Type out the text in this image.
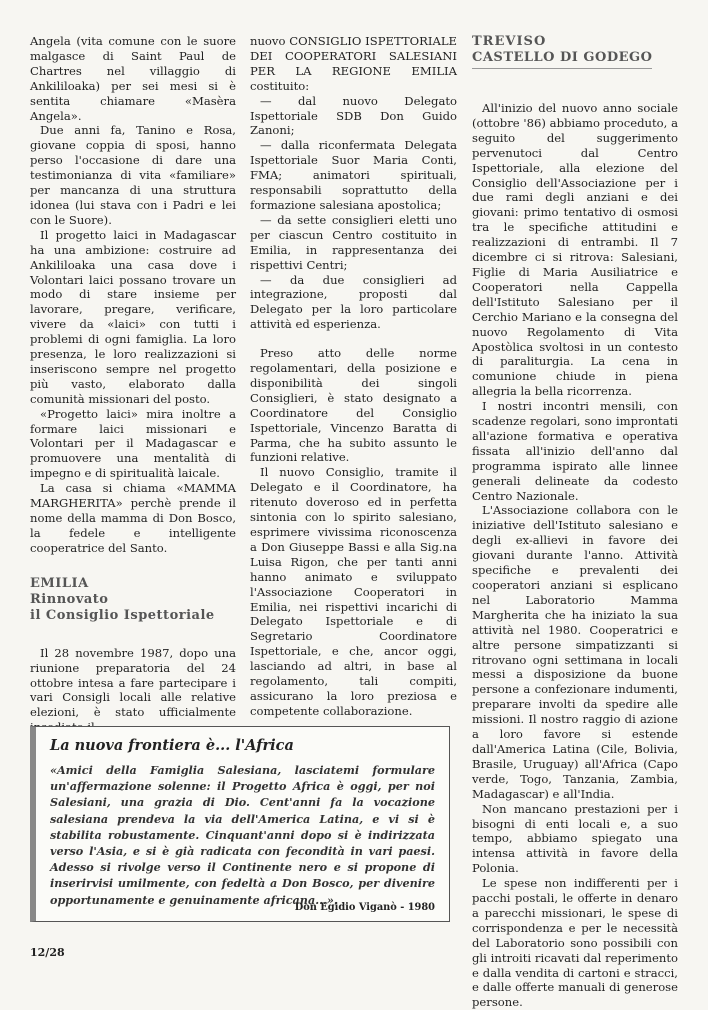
Angela (vita comune con le suore malgasce di Saint Paul de Chartres nel villaggio di Ankililoaka) per sei mesi si è sentita chiamare «Masèra Angela».

Due anni fa, Tanino e Rosa, giovane coppia di sposi, hanno perso l'occasione di dare una testimonianza di vita «familiare» per mancanza di una struttura idonea (lui stava con i Padri e lei con le Suore).

Il progetto laici in Madagascar ha una ambizione: costruire ad Ankililoaka una casa dove i Volontari laici possano trovare un modo di stare insieme per lavorare, pregare, verificare, vivere da «laici» con tutti i problemi di ogni famiglia. La loro presenza, le loro realizzazioni si inseriscono sempre nel progetto più vasto, elaborato dalla comunità missionari del posto.

«Progetto laici» mira inoltre a formare laici missionari e Volontari per il Madagascar e promuovere una mentalità di impegno e di spiritualità laicale.

La casa si chiama «MAMMA MARGHERITA» perchè prende il nome della mamma di Don Bosco, la fedele e intelligente cooperatrice del Santo.

EMILIA
Rinnovato
il Consiglio Ispettoriale

Il 28 novembre 1987, dopo una riunione preparatoria del 24 ottobre intesa a fare partecipare i vari Consigli locali alle relative elezioni, è stato ufficialmente

nuovo CONSIGLIO ISPETTORIALE DEI COOPERATORI SALESIANI PER LA REGIONE EMILIA costituito:

— dal nuovo Delegato Ispettoriale SDB Don Guido Zanoni;

— dalla riconfermata Delegata Ispettoriale Suor Maria Conti, FMA; animatori spirituali, responsabili soprattutto della formazione salesiana apostolica;

— da sette consiglieri eletti uno per ciascun Centro costituito in Emilia, in rappresentanza dei rispettivi Centri;

— da due consiglieri ad integrazione, proposti dal Delegato per la loro particolare attività ed esperienza.

Preso atto delle norme regolamentari, della posizione e disponibilità dei singoli Consiglieri, è stato designato a Coordinatore del Consiglio Ispettoriale, Vincenzo Baratta di Parma, che ha subito assunto le funzioni relative.

Il nuovo Consiglio, tramite il Delegato e il Coordinatore, ha ritenuto doveroso ed in perfetta sintonia con lo spirito salesiano, esprimere vivissima riconoscenza a Don Giuseppe Bassi e alla Sig.na Luisa Rigon, che per tanti anni hanno animato e sviluppato l'Associazione Cooperatori in Emilia, nei rispettivi incarichi di Delegato Ispettoriale e di Segretario Coordinatore Ispettoriale, e che, ancor oggi, lasciando ad altri, in base al regolamento, tali compiti, assicurano la loro preziosa e competente collaborazione.

TREVISO
CASTELLO DI GODEGO

All'inizio del nuovo anno sociale (ottobre '86) abbiamo proceduto, a seguito del suggerimento pervenutoci dal Centro Ispettoriale, alla elezione del Consiglio dell'Associazione per i due rami degli anziani e dei giovani: primo tentativo di osmosi tra le specifiche attitudini e realizzazioni di entrambi. Il 7 dicembre ci si ritrova: Salesiani, Figlie di Maria Ausiliatrice e Cooperatori nella Cappella dell'Istituto Salesiano per il Cerchio Mariano e la consegna del nuovo Regolamento di Vita Apostòlica svoltosi in un contesto di paraliturgia. La cena in comunione chiude in piena allegria la bella ricorrenza.

I nostri incontri mensili, con scadenze regolari, sono improntati all'azione formativa e operativa fissata all'inizio dell'anno dal programma ispirato alle linnee generali delineate da codesto Centro Nazionale.

L'Associazione collabora con le iniziative dell'Istituto salesiano e degli ex-allievi in favore dei giovani durante l'anno. Attività specifiche e prevalenti dei cooperatori anziani si esplicano nel Laboratorio Mamma Margherita che ha iniziato la sua attività nel 1980. Cooperatrici e altre persone simpatizzanti si ritrovano ogni settimana in locali messi a disposizione da buone persone a confezionare indumenti, preparare involti da spedire alle missioni. Il nostro raggio di azione a loro favore si estende dall'America Latina (Cile, Bolivia, Brasile, Uruguay) all'Africa (Capo verde, Togo, Tanzania, Zambia, Madagascar) e all'India.

Non mancano prestazioni per i bisogni di enti locali e, a suo tempo, abbiamo spiegato una intensa attività in favore della Polonia.

Le spese non indifferenti per i pacchi postali, le offerte in denaro a parecchi missionari, le spese di corrispondenza e per le necessità del Laboratorio sono possibili con gli introiti ricavati dal reperimento e dalla vendita di cartoni e stracci, e dalle offerte manuali di generose persone.

La nuova frontiera è... l'Africa

«Amici della Famiglia Salesiana, lasciatemi formulare un'affermazione solenne: il Progetto Africa è oggi, per noi Salesiani, una grazia di Dio. Cent'anni fa la vocazione salesiana prendeva la via dell'America Latina, e vi si è stabilita robustamente. Cinquant'anni dopo si è indirizzata verso l'Asia, e si è già radicata con fecondità in vari paesi. Adesso si rivolge verso il Continente nero e si propone di inserirvisi umilmente, con fedeltà a Don Bosco, per divenire opportunamente e genuinamente africana...».

Don Egidio Viganò - 1980
12/28
